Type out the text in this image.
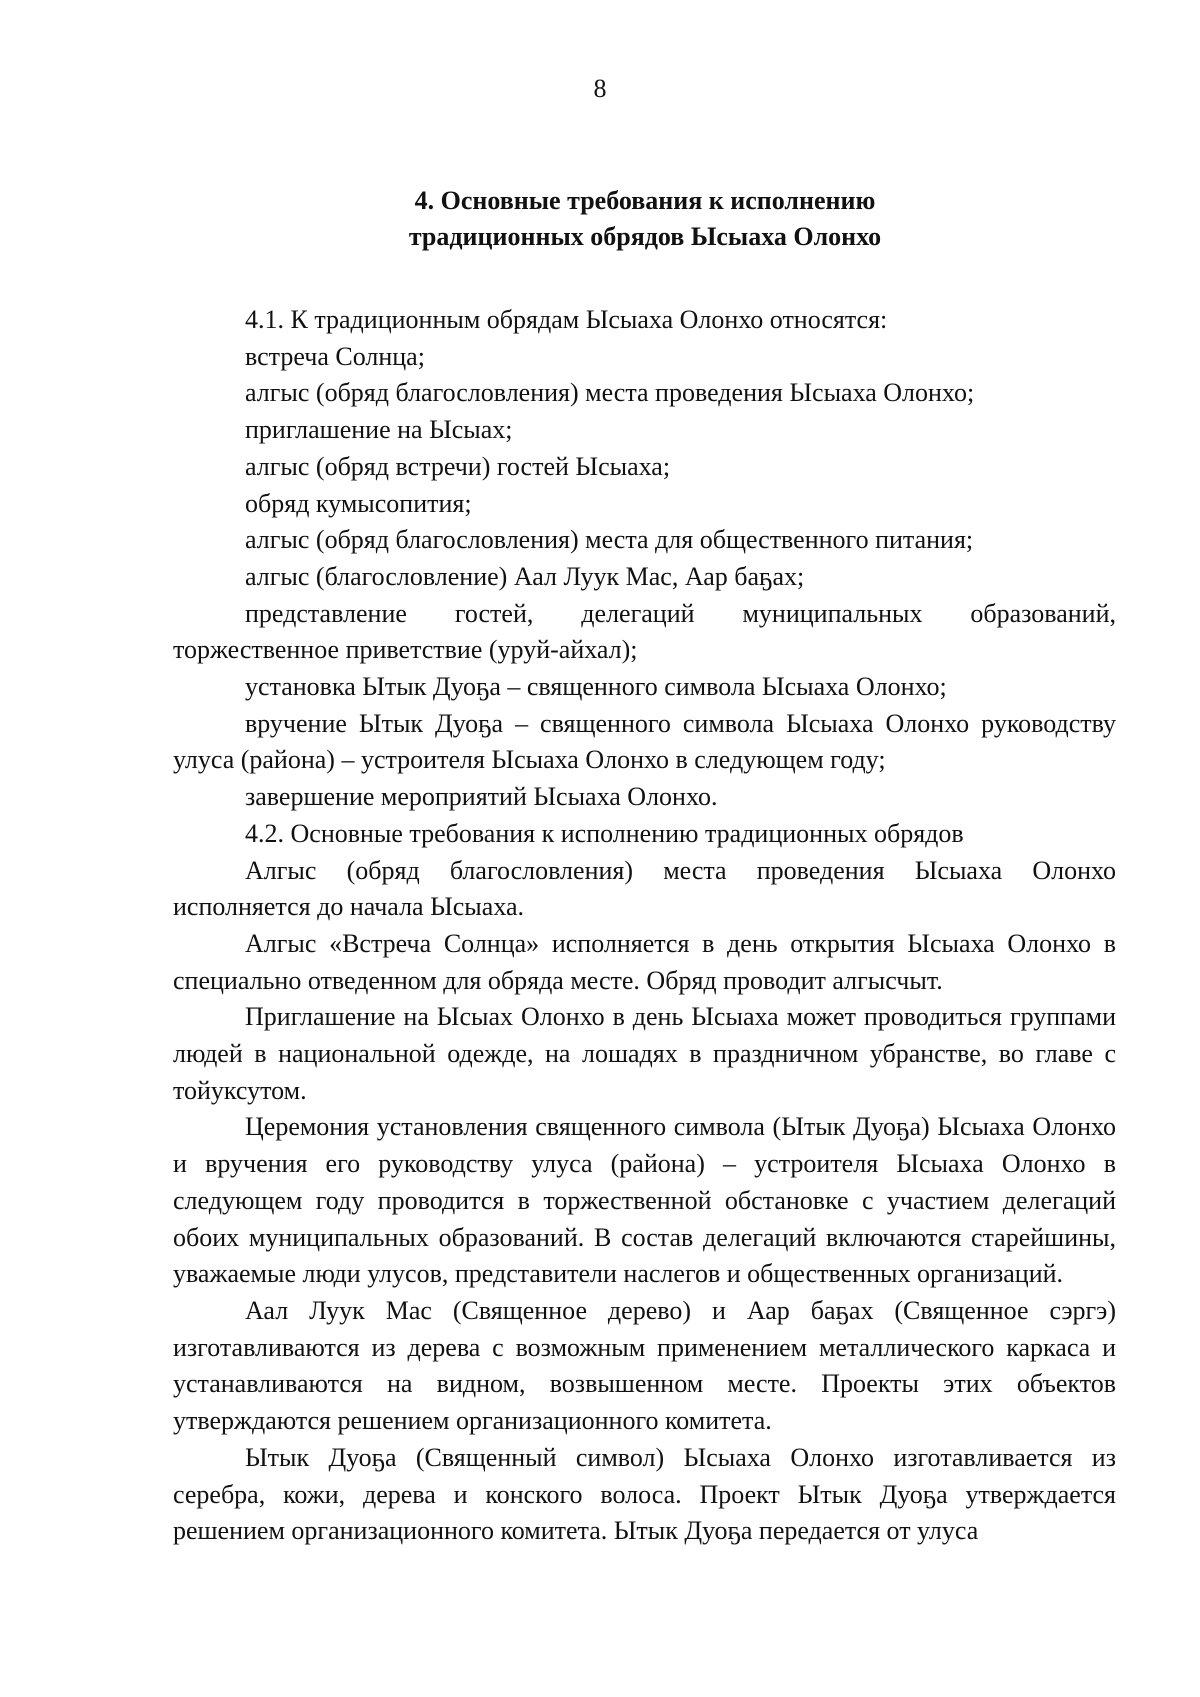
8
4. Основные требования к исполнению
традиционных обрядов Ысыаха Олонхо

4.1. К традиционным обрядам Ысыаха Олонхо относятся:

встреча Солнца;

алгыс (обряд благословления) места проведения Ысыаха Олонхо;

приглашение на Ысыах;

алгыс (обряд встречи) гостей Ысыаха;

обряд кумысопития;

алгыс (обряд благословления) места для общественного питания;

алгыс (благословление) Аал Луук Мас, Аар баҕах;

представление гостей, делегаций муниципальных образований, торжественное приветствие (уруй-айхал);

установка Ытык Дуоҕа – священного символа Ысыаха Олонхо;

вручение Ытык Дуоҕа – священного символа Ысыаха Олонхо руководству улуса (района) – устроителя Ысыаха Олонхо в следующем году;

завершение мероприятий Ысыаха Олонхо.

4.2. Основные требования к исполнению традиционных обрядов

Алгыс (обряд благословления) места проведения Ысыаха Олонхо исполняется до начала Ысыаха.

Алгыс «Встреча Солнца» исполняется в день открытия Ысыаха Олонхо в специально отведенном для обряда месте. Обряд проводит алгысчыт.

Приглашение на Ысыах Олонхо в день Ысыаха может проводиться группами людей в национальной одежде, на лошадях в праздничном убранстве, во главе с тойуксутом.

Церемония установления священного символа (Ытык Дуоҕа) Ысыаха Олонхо и вручения его руководству улуса (района) – устроителя Ысыаха Олонхо в следующем году проводится в торжественной обстановке с участием делегаций обоих муниципальных образований. В состав делегаций включаются старейшины, уважаемые люди улусов, представители наслегов и общественных организаций.

Аал Луук Мас (Священное дерево) и Аар баҕах (Священное сэргэ) изготавливаются из дерева с возможным применением металлического каркаса и устанавливаются на видном, возвышенном месте. Проекты этих объектов утверждаются решением организационного комитета.

Ытык Дуоҕа (Священный символ) Ысыаха Олонхо изготавливается из серебра, кожи, дерева и конского волоса. Проект Ытык Дуоҕа утверждается решением организационного комитета. Ытык Дуоҕа передается от улуса
